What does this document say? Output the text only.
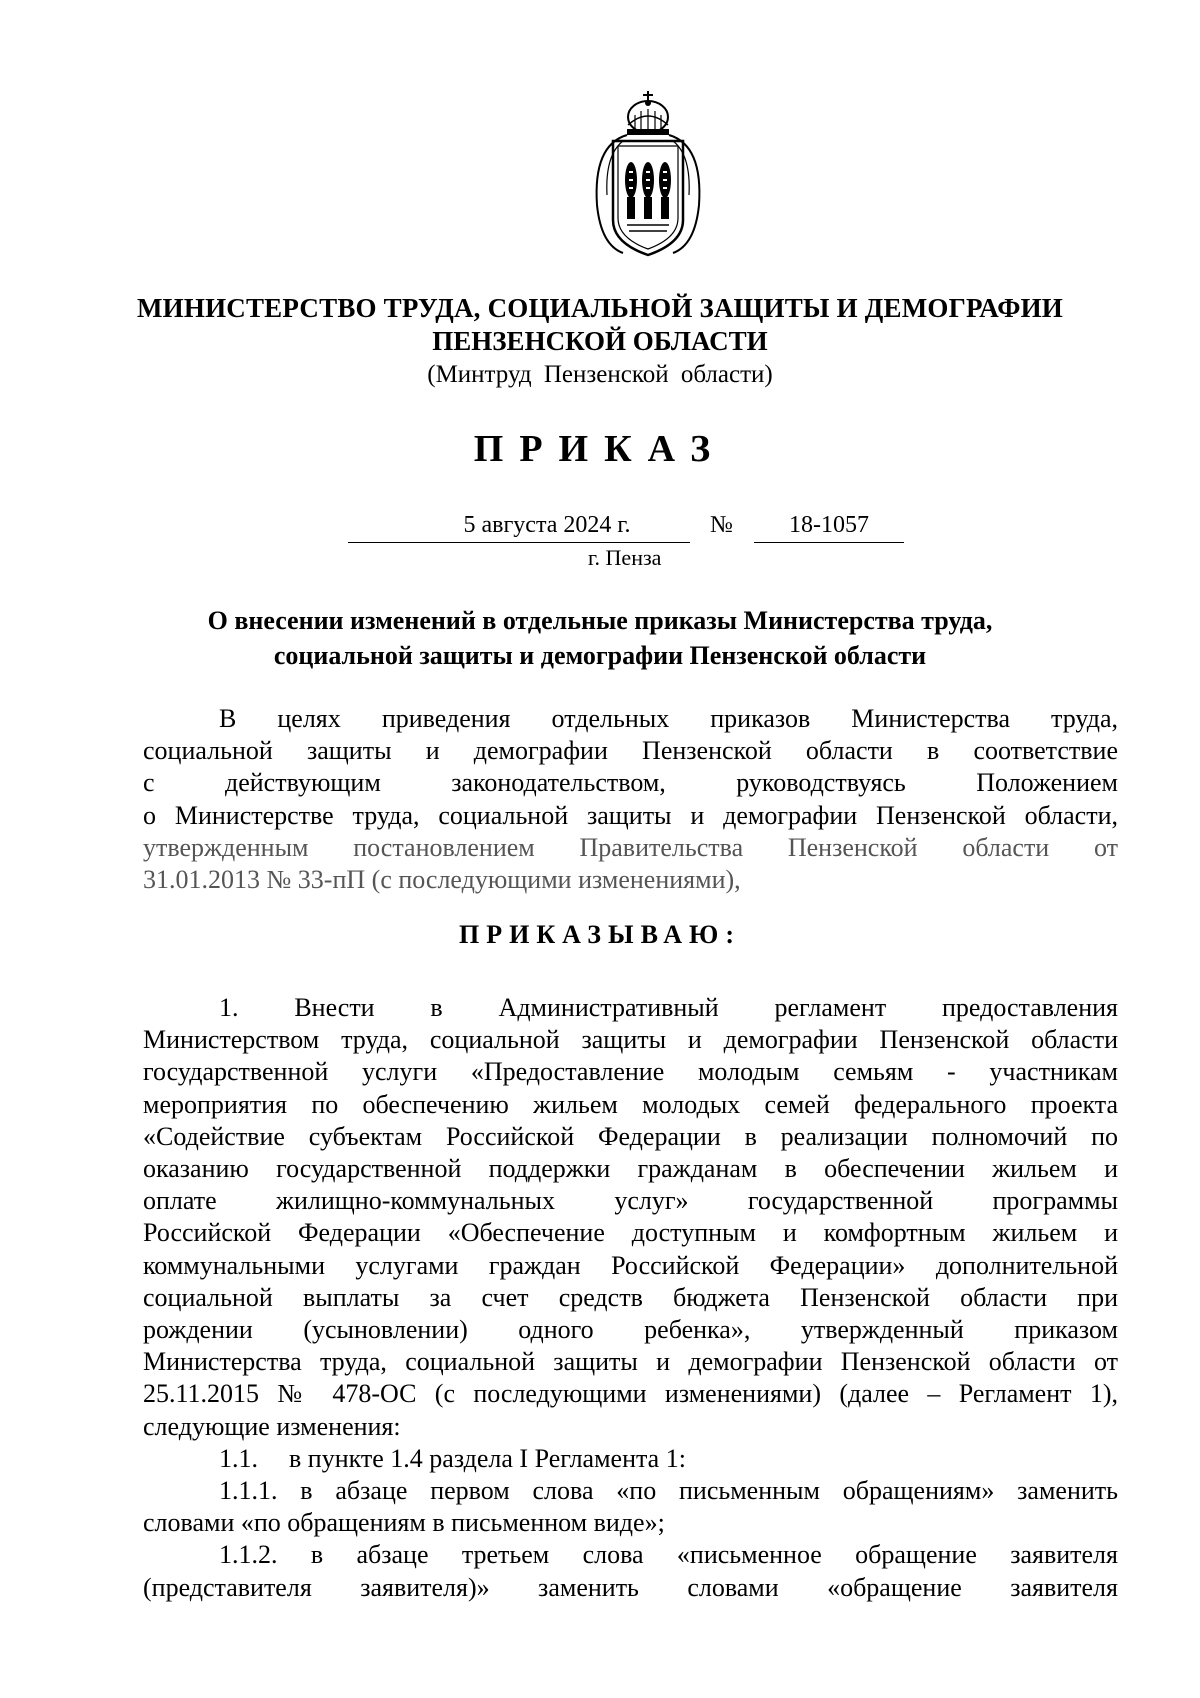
МИНИСТЕРСТВО ТРУДА, СОЦИАЛЬНОЙ ЗАЩИТЫ И ДЕМОГРАФИИ
ПЕНЗЕНСКОЙ ОБЛАСТИ
(Минтруд Пензенской области)
ПРИКАЗ
5 августа 2024 г.	№	18-1057
г. Пенза
О внесении изменений в отдельные приказы Министерства труда,
социальной защиты и демографии Пензенской области

В целях приведения отдельных приказов Министерства труда,

социальной защиты и демографии Пензенской области в соответствие

с действующим законодательством, руководствуясь Положением

о Министерстве труда, социальной защиты и демографии Пензенской области,

утвержденным постановлением Правительства Пензенской области от

31.01.2013 № 33-пП (с последующими изменениями),

ПРИКАЗЫВАЮ:

1. Внести в Административный регламент предоставления

Министерством труда, социальной защиты и демографии Пензенской области

государственной услуги «Предоставление молодым семьям - участникам

мероприятия по обеспечению жильем молодых семей федерального проекта

«Содействие субъектам Российской Федерации в реализации полномочий по

оказанию государственной поддержки гражданам в обеспечении жильем и

оплате жилищно-коммунальных услуг» государственной программы

Российской Федерации «Обеспечение доступным и комфортным жильем и

коммунальными услугами граждан Российской Федерации» дополнительной

социальной выплаты за счет средств бюджета Пензенской области при

рождении (усыновлении) одного ребенка», утвержденный приказом

Министерства труда, социальной защиты и демографии Пензенской области от

25.11.2015 № 478-ОС (с последующими изменениями) (далее – Регламент 1),

следующие изменения:

1.1.	в пункте 1.4 раздела I Регламента 1:

1.1.1. в абзаце первом слова «по письменным обращениям» заменить

словами «по обращениям в письменном виде»;

1.1.2. в абзаце третьем слова «письменное обращение заявителя

(представителя заявителя)» заменить словами «обращение заявителя
